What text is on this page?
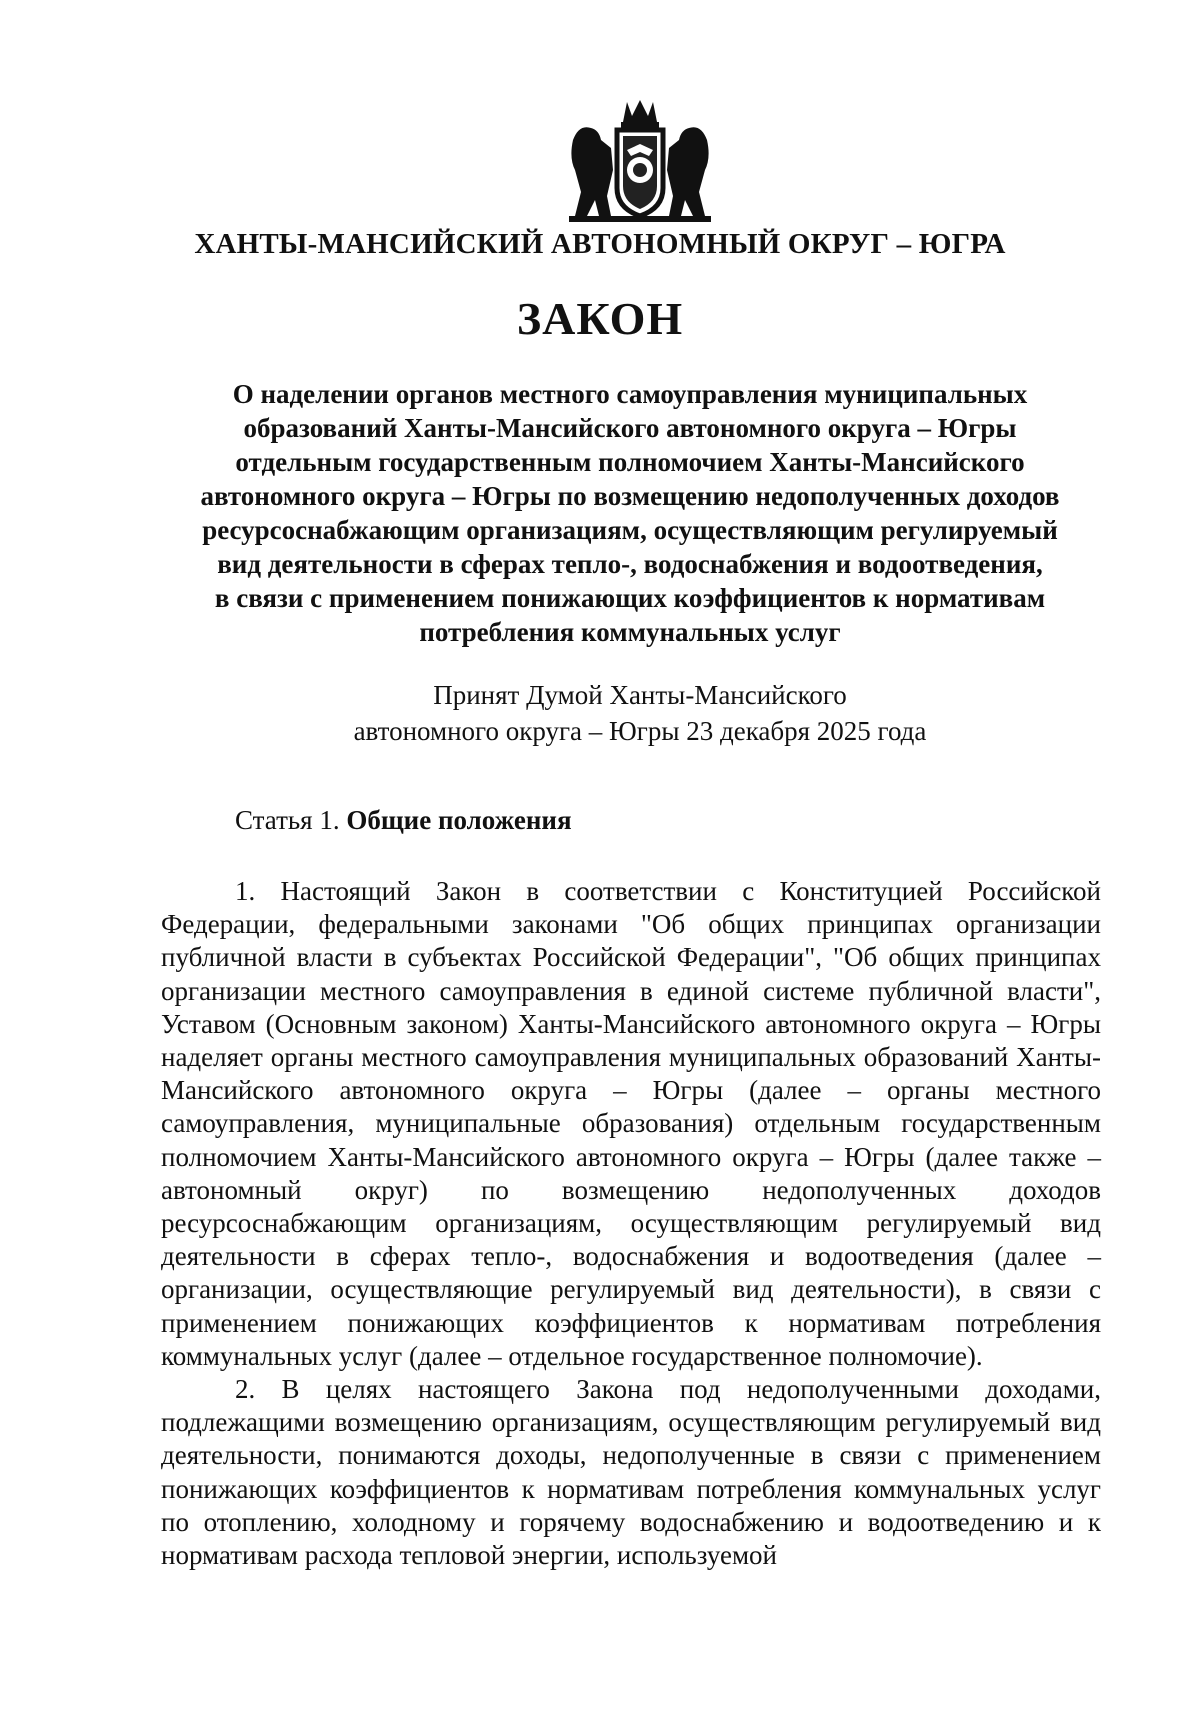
ХАНТЫ-МАНСИЙСКИЙ АВТОНОМНЫЙ ОКРУГ – ЮГРА
ЗАКОН
О наделении органов местного самоуправления муниципальных
образований Ханты-Мансийского автономного округа – Югры
отдельным государственным полномочием Ханты-Мансийского
автономного округа – Югры по возмещению недополученных доходов
ресурсоснабжающим организациям, осуществляющим регулируемый
вид деятельности в сферах тепло-, водоснабжения и водоотведения,
в связи с применением понижающих коэффициентов к нормативам
потребления коммунальных услуг
Принят Думой Ханты-Мансийского
автономного округа – Югры 23 декабря 2025 года
Статья 1. Общие положения

1. Настоящий Закон в соответствии с Конституцией Российской Федерации, федеральными законами "Об общих принципах организации публичной власти в субъектах Российской Федерации", "Об общих принципах организации местного самоуправления в единой системе публичной власти", Уставом (Основным законом) Ханты-Мансийского автономного округа – Югры наделяет органы местного самоуправления муниципальных образований Ханты-Мансийского автономного округа – Югры (далее – органы местного самоуправления, муниципальные образования) отдельным государственным полномочием Ханты-Мансийского автономного округа – Югры (далее также – автономный округ) по возмещению недополученных доходов ресурсоснабжающим организациям, осуществляющим регулируемый вид деятельности в сферах тепло-, водоснабжения и водоотведения (далее – организации, осуществляющие регулируемый вид деятельности), в связи с применением понижающих коэффициентов к нормативам потребления коммунальных услуг (далее – отдельное государственное полномочие).

2. В целях настоящего Закона под недополученными доходами, подлежащими возмещению организациям, осуществляющим регулируемый вид деятельности, понимаются доходы, недополученные в связи с применением понижающих коэффициентов к нормативам потребления коммунальных услуг по отоплению, холодному и горячему водоснабжению и водоотведению и к нормативам расхода тепловой энергии, используемой
